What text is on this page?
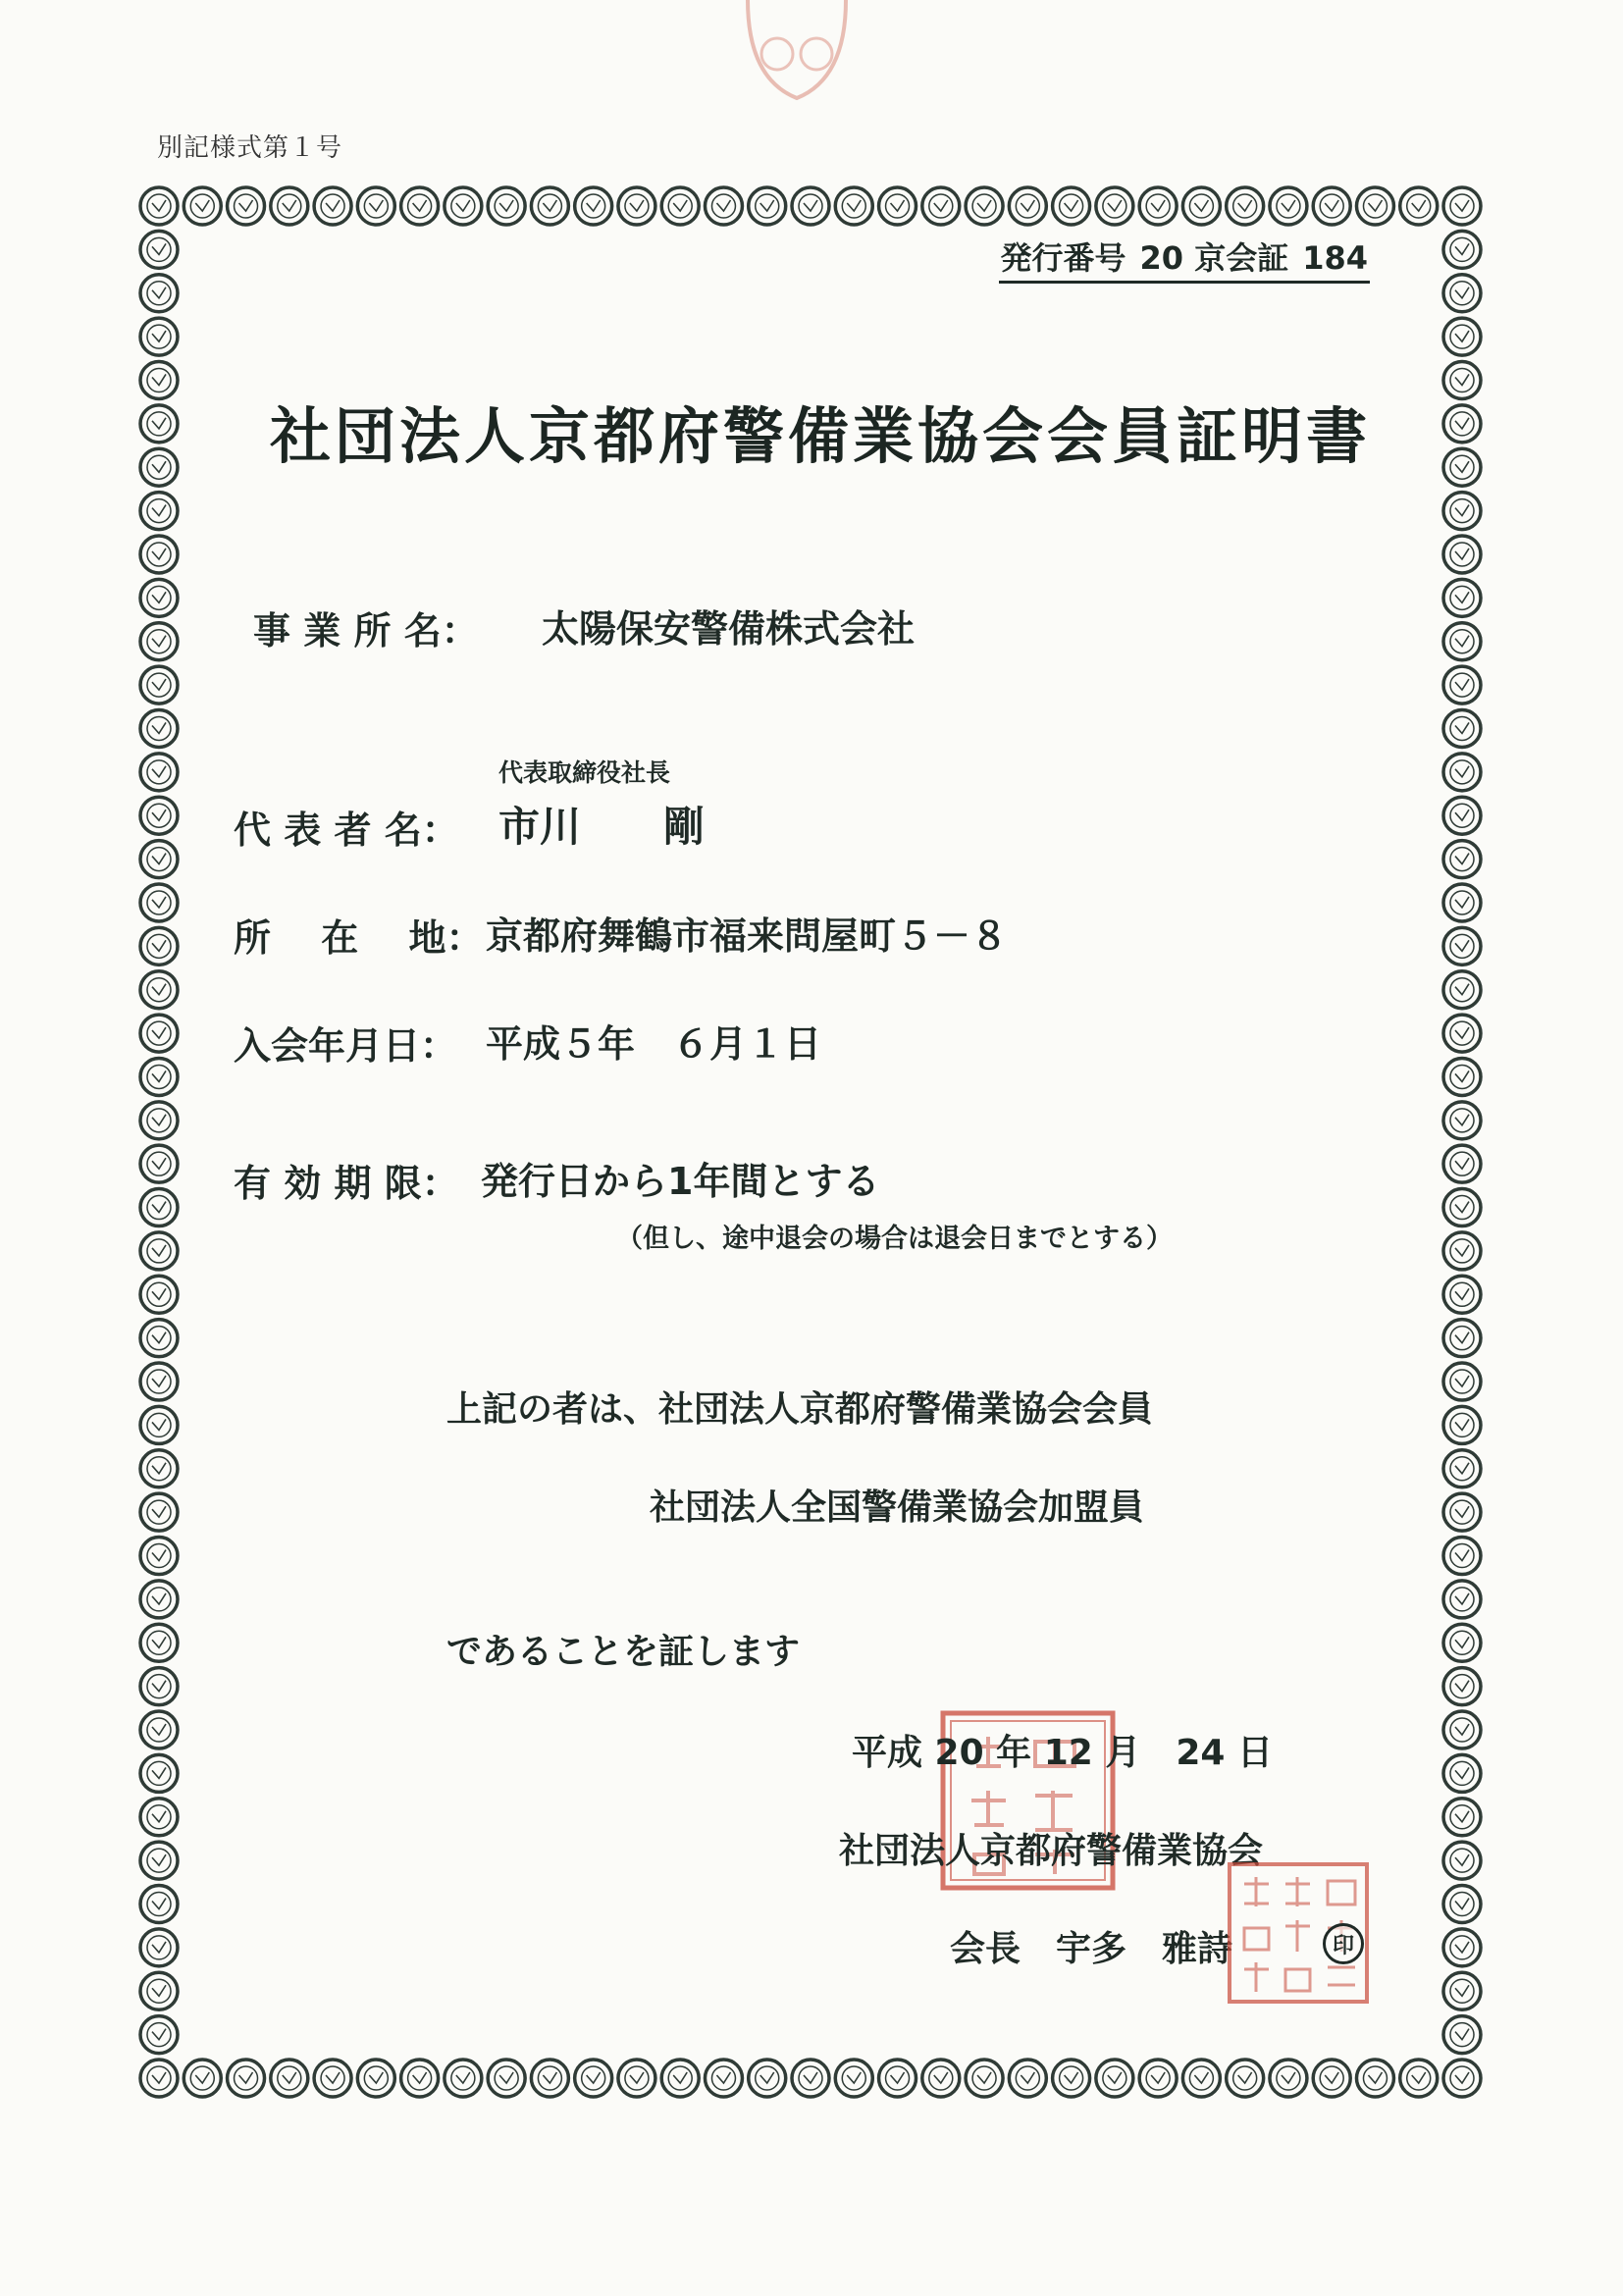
別記様式第１号
発行番号 20 京会証 184
社団法人京都府警備業協会会員証明書
事 業 所 名： 太陽保安警備株式会社
代表取締役社長
代 表 者 名： 市川　　剛
所　 在　 地： 京都府舞鶴市福来問屋町５－８
入会年月日： 平成５年　６月１日
有 効 期 限： 発行日から1年間とする
（但し、途中退会の場合は退会日までとする）
上記の者は、社団法人京都府警備業協会会員
社団法人全国警備業協会加盟員
であることを証します
平成 20 年 12 月　24 日
社団法人京都府警備業協会
会長　宇多　雅詩	印
